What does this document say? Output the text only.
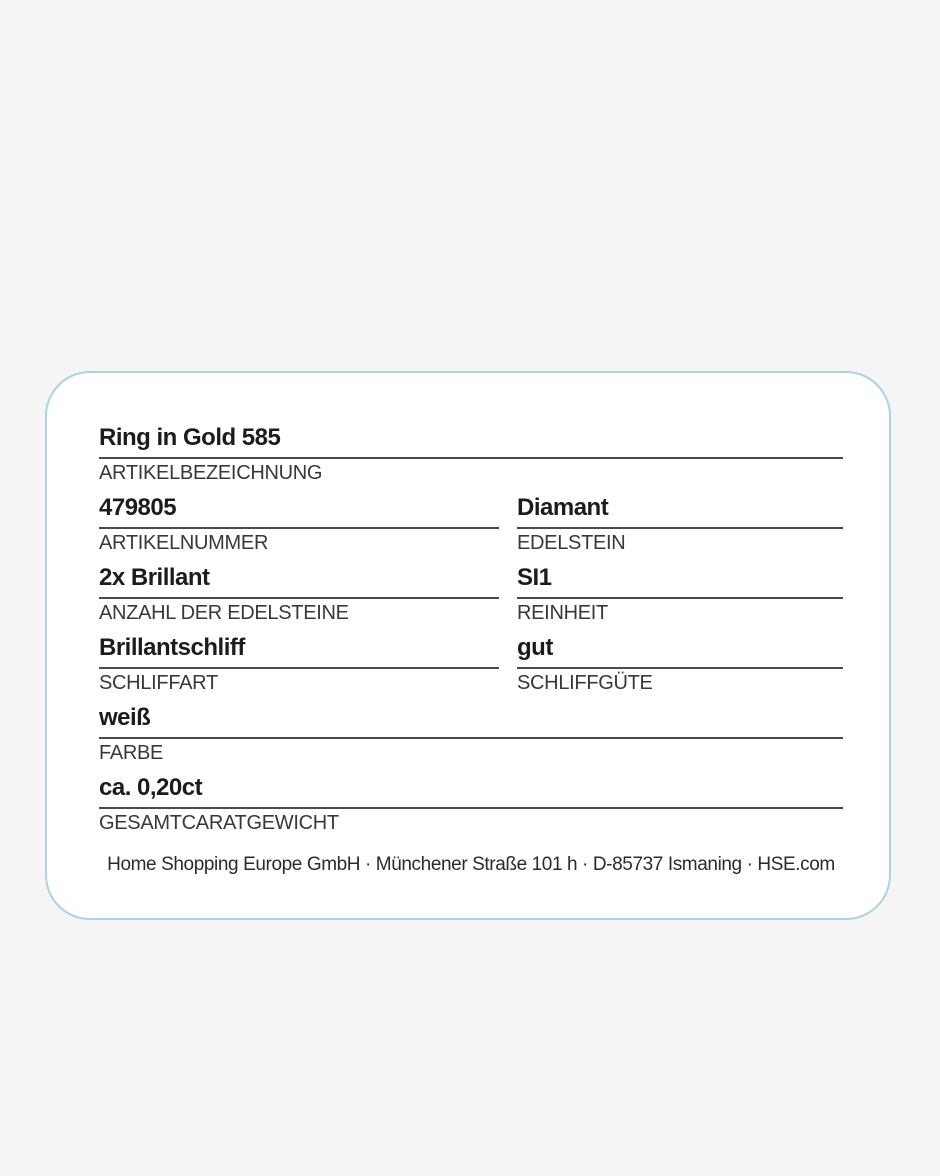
Ring in Gold 585
ARTIKELBEZEICHNUNG
479805
ARTIKELNUMMER
Diamant
EDELSTEIN
2x Brillant
ANZAHL DER EDELSTEINE
SI1
REINHEIT
Brillantschliff
SCHLIFFART
gut
SCHLIFFGÜTE
weiß
FARBE
ca. 0,20ct
GESAMTCARATGEWICHT
Home Shopping Europe GmbH · Münchener Straße 101 h · D-85737 Ismaning · HSE.com
